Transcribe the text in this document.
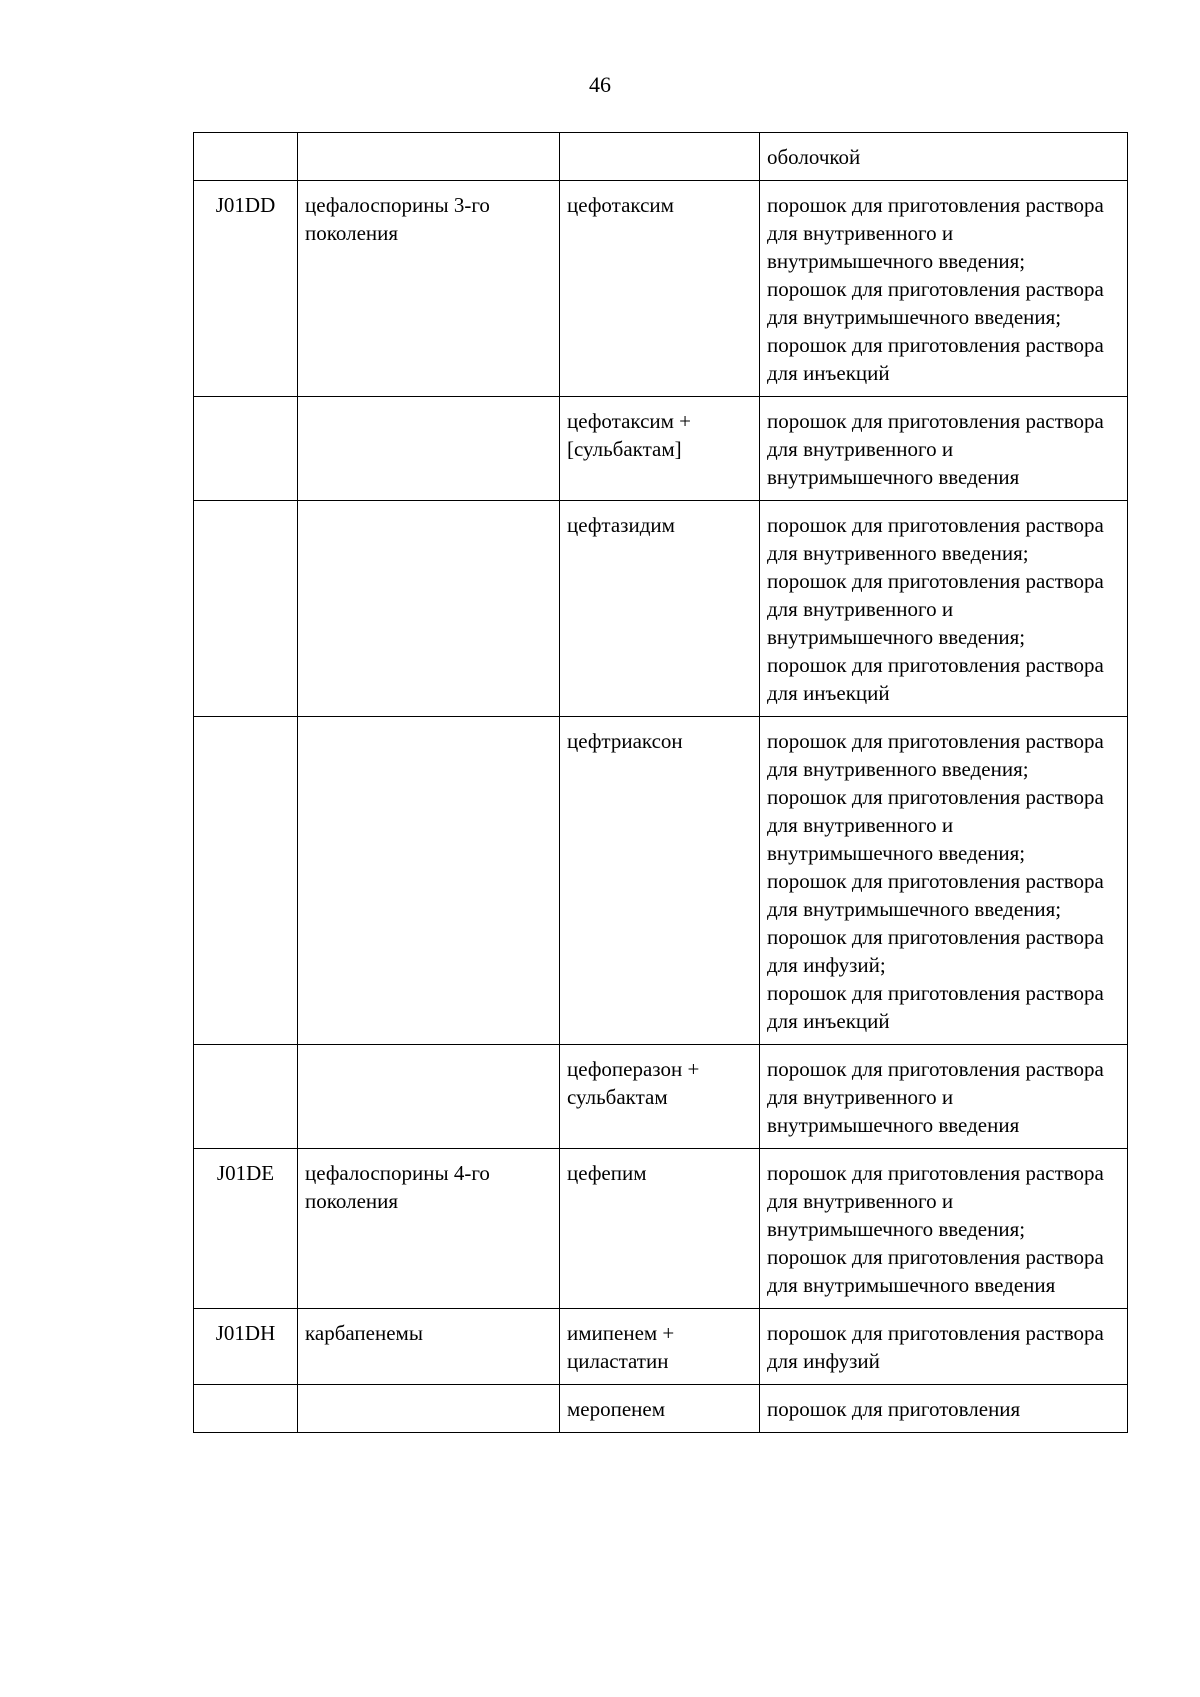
46
			оболочкой
J01DD	цефалоспорины 3-го поколения	цефотаксим	порошок для приготовления раствора для внутривенного и внутримышечного введения;
порошок для приготовления раствора для внутримышечного введения;
порошок для приготовления раствора для инъекций
		цефотаксим + [сульбактам]	порошок для приготовления раствора для внутривенного и внутримышечного введения
		цефтазидим	порошок для приготовления раствора для внутривенного введения;
порошок для приготовления раствора для внутривенного и внутримышечного введения;
порошок для приготовления раствора для инъекций
		цефтриаксон	порошок для приготовления раствора для внутривенного введения;
порошок для приготовления раствора для внутривенного и внутримышечного введения;
порошок для приготовления раствора для внутримышечного введения;
порошок для приготовления раствора для инфузий;
порошок для приготовления раствора для инъекций
		цефоперазон + сульбактам	порошок для приготовления раствора для внутривенного и внутримышечного введения
J01DE	цефалоспорины 4-го поколения	цефепим	порошок для приготовления раствора для внутривенного и внутримышечного введения;
порошок для приготовления раствора для внутримышечного введения
J01DH	карбапенемы	имипенем + циластатин	порошок для приготовления раствора для инфузий
		меропенем	порошок для приготовления
